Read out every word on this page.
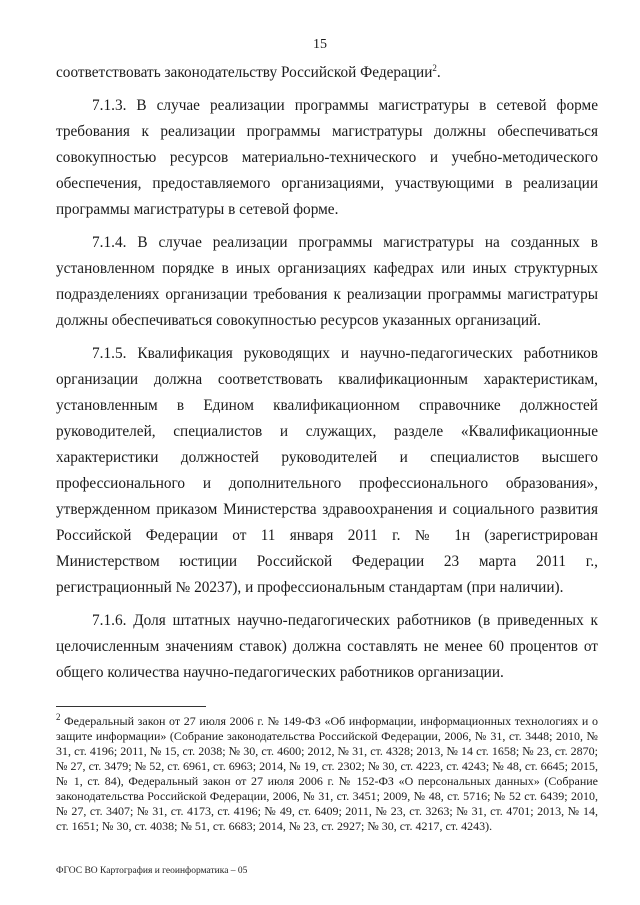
15

соответствовать законодательству Российской Федерации$^2$.

7.1.3. В случае реализации программы магистратуры в сетевой форме требования к реализации программы магистратуры должны обеспечиваться совокупностью ресурсов материально-технического и учебно-методического обеспечения, предоставляемого организациями, участвующими в реализации программы магистратуры в сетевой форме.

7.1.4. В случае реализации программы магистратуры на созданных в установленном порядке в иных организациях кафедрах или иных структурных подразделениях организации требования к реализации программы магистратуры должны обеспечиваться совокупностью ресурсов указанных организаций.

7.1.5. Квалификация руководящих и научно-педагогических работников организации должна соответствовать квалификационным характеристикам, установленным в Едином квалификационном справочнике должностей руководителей, специалистов и служащих, разделе «Квалификационные характеристики должностей руководителей и специалистов высшего профессионального и дополнительного профессионального образования», утвержденном приказом Министерства здравоохранения и социального развития Российской Федерации от 11 января 2011 г. № 1н (зарегистрирован Министерством юстиции Российской Федерации 23 марта 2011 г., регистрационный № 20237), и профессиональным стандартам (при наличии).

7.1.6. Доля штатных научно-педагогических работников (в приведенных к целочисленным значениям ставок) должна составлять не менее 60 процентов от общего количества научно-педагогических работников организации.

$^2$ Федеральный закон от 27 июля 2006 г. № 149-ФЗ «Об информации, информационных технологиях и о защите информации» (Собрание законодательства Российской Федерации, 2006, № 31, ст. 3448; 2010, № 31, ст. 4196; 2011, № 15, ст. 2038; № 30, ст. 4600; 2012, № 31, ст. 4328; 2013, № 14 ст. 1658; № 23, ст. 2870; № 27, ст. 3479; № 52, ст. 6961, ст. 6963; 2014, № 19, ст. 2302; № 30, ст. 4223, ст. 4243; № 48, ст. 6645; 2015, № 1, ст. 84), Федеральный закон от 27 июля 2006 г. № 152-ФЗ «О персональных данных» (Собрание законодательства Российской Федерации, 2006, № 31, ст. 3451; 2009, № 48, ст. 5716; № 52 ст. 6439; 2010, № 27, ст. 3407; № 31, ст. 4173, ст. 4196; № 49, ст. 6409; 2011, № 23, ст. 3263; № 31, ст. 4701; 2013, № 14, ст. 1651; № 30, ст. 4038; № 51, ст. 6683; 2014, № 23, ст. 2927; № 30, ст. 4217, ст. 4243).

ФГОС ВО Картография и геоинформатика – 05
